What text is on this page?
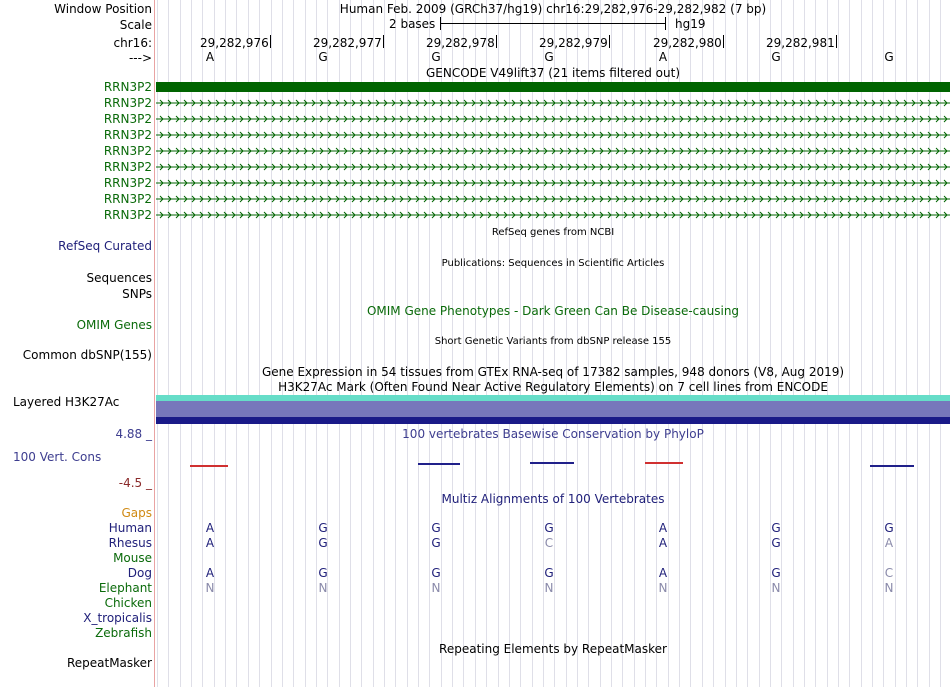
Window Position	Human Feb. 2009 (GRCh37/hg19) chr16:29,282,976-29,282,982 (7 bp)
Scale	2 bases	hg19
chr16:	29,282,976	29,282,977	29,282,978	29,282,979	29,282,980	29,282,981
--->	A	G	G	G	A	G	G
GENCODE V49lift37 (21 items filtered out)
RRN3P2
RRN3P2
RRN3P2
RRN3P2
RRN3P2
RRN3P2
RRN3P2
RRN3P2
RRN3P2
RefSeq genes from NCBI
RefSeq Curated
Publications: Sequences in Scientific Articles
Sequences
SNPs
OMIM Gene Phenotypes - Dark Green Can Be Disease-causing
OMIM Genes
Short Genetic Variants from dbSNP release 155
Common dbSNP(155)
Gene Expression in 54 tissues from GTEx RNA-seq of 17382 samples, 948 donors (V8, Aug 2019)
H3K27Ac Mark (Often Found Near Active Regulatory Elements) on 7 cell lines from ENCODE
Layered H3K27Ac
100 vertebrates Basewise Conservation by PhyloP
4.88 _
100 Vert. Cons
-4.5 _
Multiz Alignments of 100 Vertebrates
Gaps
Human	A	G	G	G	A	G	G
Rhesus	A	G	G	C	A	G	A
Mouse
Dog	A	G	G	G	A	G	C
Elephant	N	N	N	N	N	N	N
Chicken
X_tropicalis
Zebrafish
Repeating Elements by RepeatMasker
RepeatMasker
